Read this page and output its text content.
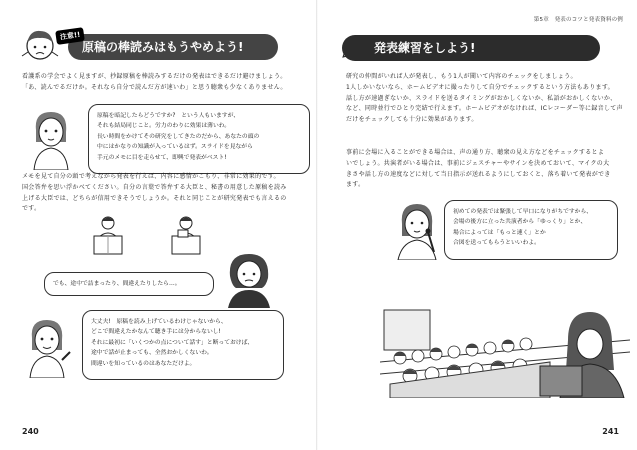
注意!!
原稿の棒読みはもうやめよう!
看護系の学会でよく見ますが、抄録原稿を棒読みするだけの発表はできるだけ避けましょう。
「あ、読んでるだけか。それなら自分で読んだ方が速いわ」と思う聴衆も少なくありません。
原稿を暗記したらどうですか?　という人もいますが、
それも結局同じこと。労力のわりに効果は薄いわ。
長い時間をかけてその研究をしてきたのだから、あなたの頭の
中にはかなりの知識が入っているはず。スライドを見ながら
手元のメモに目を走らせて、即興で発表がベスト!
メモを見て自分の頭で考えながら発表を行えば、内容に感情がこもり、非常に効果的です。
国会答弁を思い浮かべてください。自分の言葉で答弁する大臣と、秘書の用意した原稿を読み
上げる大臣では、どちらが信用できそうでしょうか。それと同じことが研究発表でも言えるの
です。
でも、途中で詰まったり、間違えたりしたら…。
大丈夫!　原稿を読み上げているわけじゃないから、
どこで間違えたかなんて聴き手には分からないし!
それに最初に「いくつかの点について話す」と断っておけば、
途中で話が止まっても、全然おかしくないわ。
間違いを知っているのはあなただけよ。
240
第5章　発表のコツと発表資料の例
発表練習をしよう!
研究の仲間がいれば人が発表し、もう1人が聞いて内容のチェックをしましょう。
1人しかいないなら、ホームビデオに撮ったりして自分でチェックするという方法もあります。
話し方が速過ぎないか、スライドを送るタイミングがおかしくないか、私語がおかしくないか、
など、同時並行でひとり完結で行えます。ホームビデオがなければ、ICレコーダー等に録音して声
だけをチェックしても十分に効果があります。
事前に会場に入ることができる場合は、声の通り方、聴衆の見え方などをチェックするとよ
いでしょう。共演者がいる場合は、事前にジェスチャーやサインを決めておいて、マイクの大
きさや話し方の速度などに対して当日指示が送れるようにしておくと、落ち着いて発表ができ
ます。
初めての発表では緊張して早口になりがちですから、
会場の後方に立った共演者から「ゆっくり」とか、
場合によっては「もっと速く」とか
合図を送ってもらうといいわよ。
241
